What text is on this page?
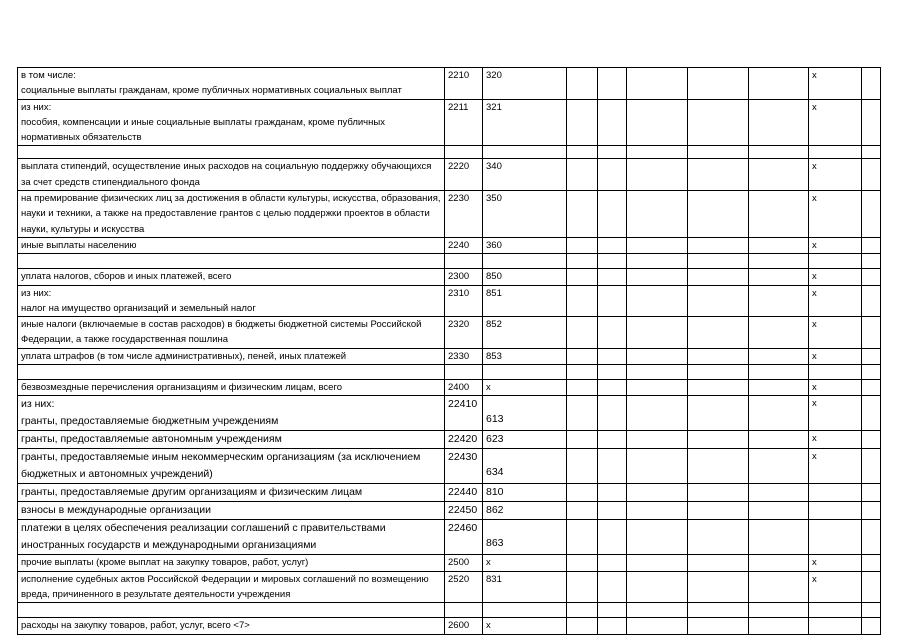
в том числе:
социальные выплаты гражданам, кроме публичных нормативных социальных выплат	2210	320						x	

из них:
пособия, компенсации и иные социальные выплаты гражданам, кроме публичных нормативных обязательств	2211	321						x	

выплата стипендий, осуществление иных расходов на социальную поддержку обучающихся за счет средств стипендиального фонда	2220	340						x	
на премирование физических лиц за достижения в области культуры, искусства, образования, науки и техники, а также на предоставление грантов с целью поддержки проектов в области науки, культуры и искусства	2230	350						x	
иные выплаты населению	2240	360						x	

уплата налогов, сборов и иных платежей, всего	2300	850						x	

из них:
налог на имущество организаций и земельный налог	2310	851						x	
иные налоги (включаемые в состав расходов) в бюджеты бюджетной системы Российской Федерации, а также государственная пошлина	2320	852						x	
уплата штрафов (в том числе административных), пеней, иных платежей	2330	853						x	

безвозмездные перечисления организациям и физическим лицам, всего	2400	x						x	

из них:
гранты, предоставляемые бюджетным учреждениям	22410	613						x	
гранты, предоставляемые автономным учреждениям	22420	623						x	
гранты, предоставляемые иным некоммерческим организациям (за исключением бюджетных и автономных учреждений)	22430	634						x	
гранты, предоставляемые другим организациям и физическим лицам	22440	810							
взносы в международные организации	22450	862							
платежи в целях обеспечения реализации соглашений с правительствами иностранных государств и международными организациями	22460	863							

прочие выплаты (кроме выплат на закупку товаров, работ, услуг)	2500	x						x	
исполнение судебных актов Российской Федерации и мировых соглашений по возмещению вреда, причиненного в результате деятельности учреждения	2520	831						x	

расходы на закупку товаров, работ, услуг, всего <7>	2600	x							
